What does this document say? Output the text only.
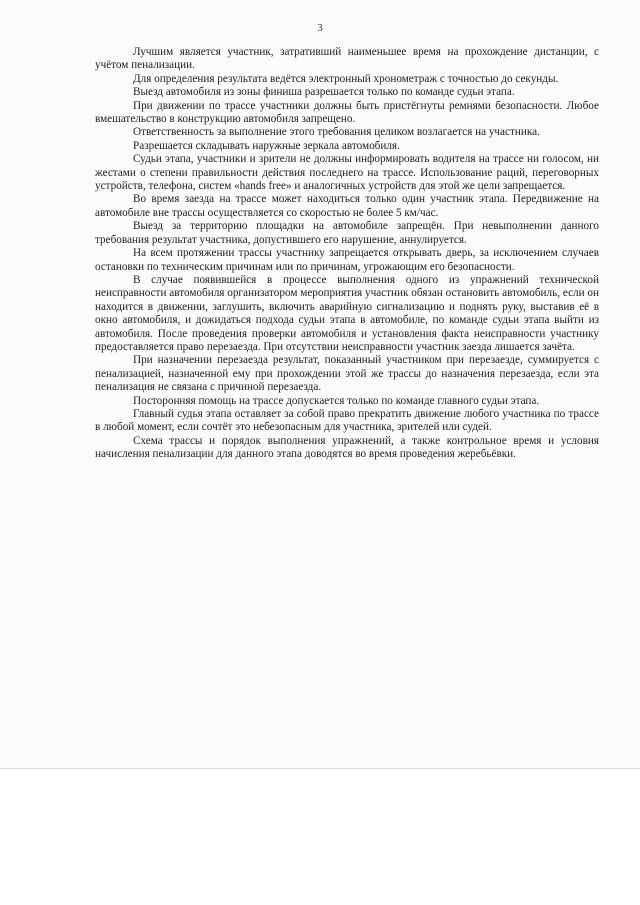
3

Лучшим является участник, затративший наименьшее время на прохождение дистанции, с учётом пенализации.

Для определения результата ведётся электронный хронометраж с точностью до секунды.

Выезд автомобиля из зоны финиша разрешается только по команде судьи этапа.

При движении по трассе участники должны быть пристёгнуты ремнями безопасности. Любое вмешательство в конструкцию автомобиля запрещено.

Ответственность за выполнение этого требования целиком возлагается на участника.

Разрешается складывать наружные зеркала автомобиля.

Судьи этапа, участники и зрители не должны информировать водителя на трассе ни голосом, ни жестами о степени правильности действия последнего на трассе. Использование раций, переговорных устройств, телефона, систем «hands free» и аналогичных устройств для этой же цели запрещается.

Во время заезда на трассе может находиться только один участник этапа. Передвижение на автомобиле вне трассы осуществляется со скоростью не более 5 км/час.

Выезд за территорию площадки на автомобиле запрещён. При невыполнении данного требования результат участника, допустившего его нарушение, аннулируется.

На всем протяжении трассы участнику запрещается открывать дверь, за исключением случаев остановки по техническим причинам или по причинам, угрожающим его безопасности.

В случае появившейся в процессе выполнения одного из упражнений технической неисправности автомобиля организатором мероприятия участник обязан остановить автомобиль, если он находится в движении, заглушить, включить аварийную сигнализацию и поднять руку, выставив её в окно автомобиля, и дожидаться подхода судьи этапа в автомобиле, по команде судьи этапа выйти из автомобиля. После проведения проверки автомобиля и установления факта неисправности участнику предоставляется право перезаезда. При отсутствии неисправности участник заезда лишается зачёта.

При назначении перезаезда результат, показанный участником при перезаезде, суммируется с пенализацией, назначенной ему при прохождении этой же трассы до назначения перезаезда, если эта пенализация не связана с причиной перезаезда.

Посторонняя помощь на трассе допускается только по команде главного судьи этапа.

Главный судья этапа оставляет за собой право прекратить движение любого участника по трассе в любой момент, если сочтёт это небезопасным для участника, зрителей или судей.

Схема трассы и порядок выполнения упражнений, а также контрольное время и условия начисления пенализации для данного этапа доводятся во время проведения жеребьёвки.
